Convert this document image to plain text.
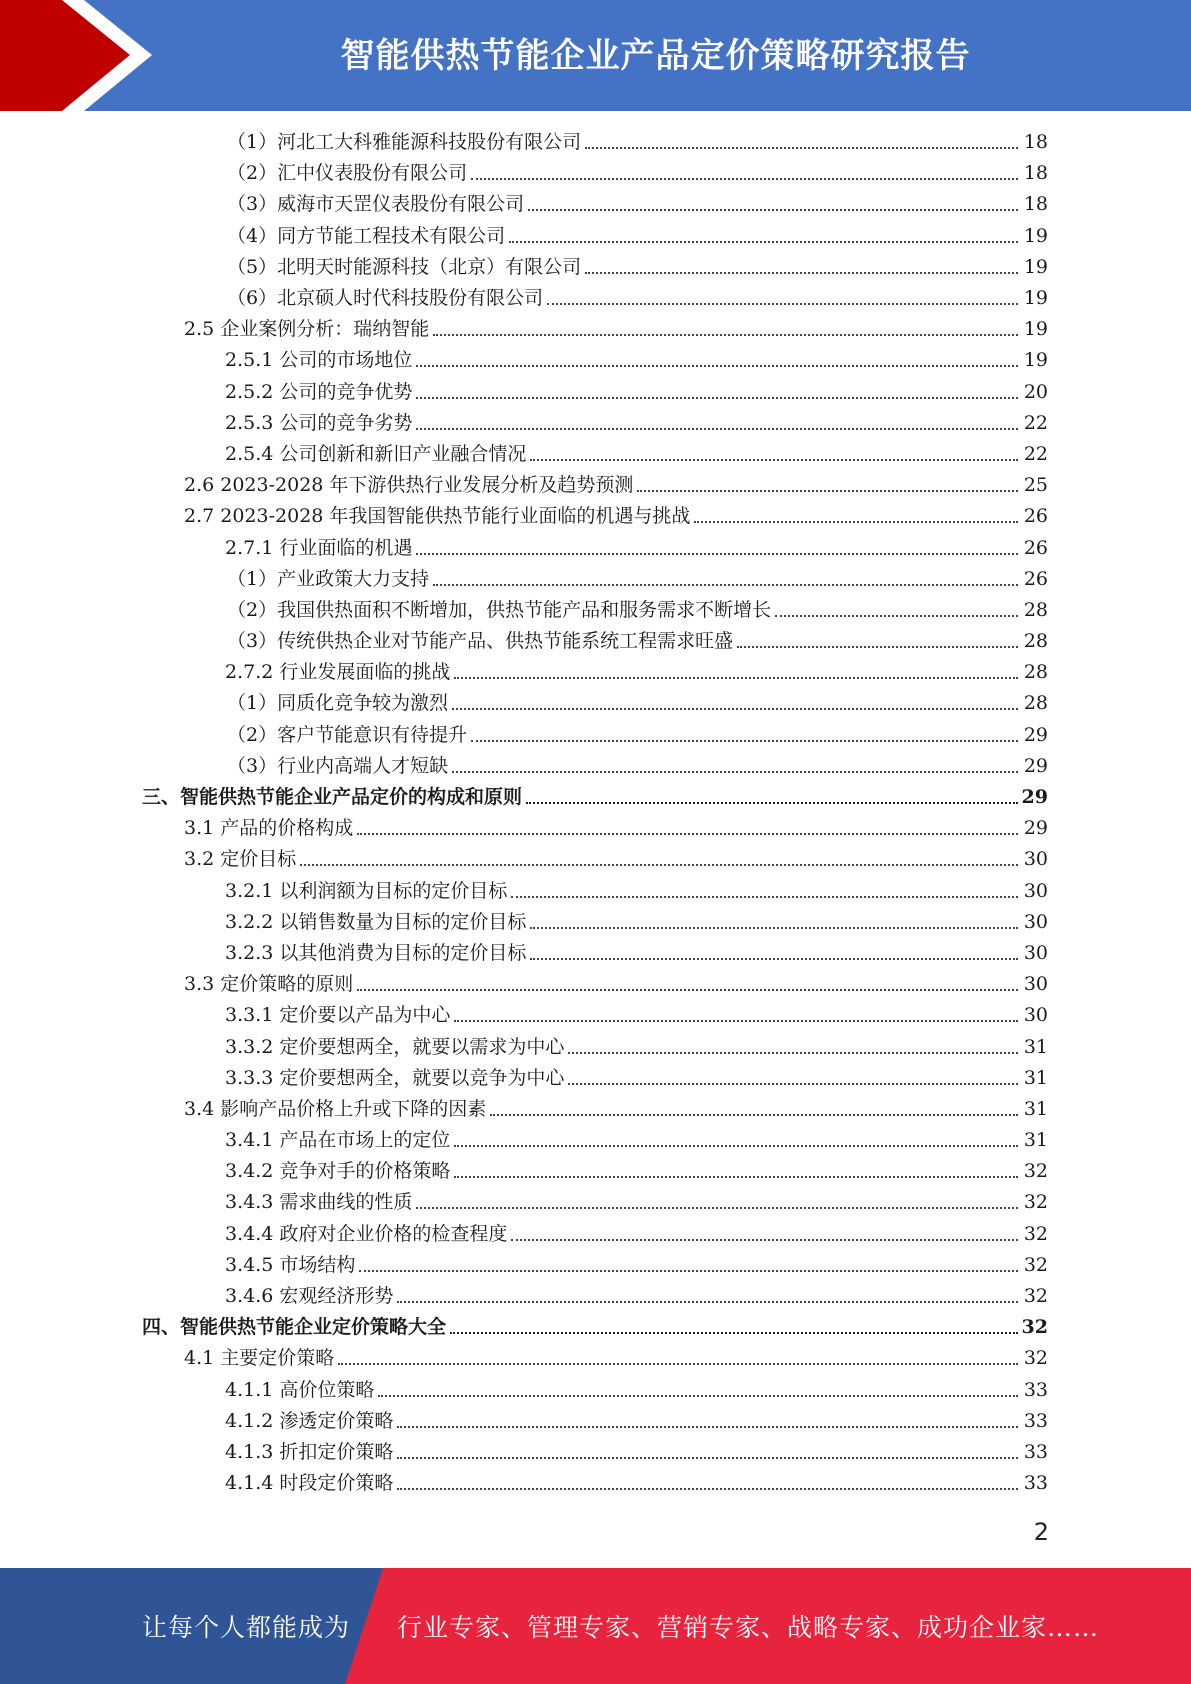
智能供热节能企业产品定价策略研究报告
（1）河北工大科雅能源科技股份有限公司	18
（2）汇中仪表股份有限公司	18
（3）威海市天罡仪表股份有限公司	18
（4）同方节能工程技术有限公司	19
（5）北明天时能源科技（北京）有限公司	19
（6）北京硕人时代科技股份有限公司	19
2.5 企业案例分析：瑞纳智能	19
2.5.1 公司的市场地位	19
2.5.2 公司的竞争优势	20
2.5.3 公司的竞争劣势	22
2.5.4 公司创新和新旧产业融合情况	22
2.6 2023-2028 年下游供热行业发展分析及趋势预测	25
2.7 2023-2028 年我国智能供热节能行业面临的机遇与挑战	26
2.7.1 行业面临的机遇	26
（1）产业政策大力支持	26
（2）我国供热面积不断增加，供热节能产品和服务需求不断增长	28
（3）传统供热企业对节能产品、供热节能系统工程需求旺盛	28
2.7.2 行业发展面临的挑战	28
（1）同质化竞争较为激烈	28
（2）客户节能意识有待提升	29
（3）行业内高端人才短缺	29
三、智能供热节能企业产品定价的构成和原则	29
3.1 产品的价格构成	29
3.2 定价目标	30
3.2.1 以利润额为目标的定价目标	30
3.2.2 以销售数量为目标的定价目标	30
3.2.3 以其他消费为目标的定价目标	30
3.3 定价策略的原则	30
3.3.1 定价要以产品为中心	30
3.3.2 定价要想两全，就要以需求为中心	31
3.3.3 定价要想两全，就要以竞争为中心	31
3.4 影响产品价格上升或下降的因素	31
3.4.1 产品在市场上的定位	31
3.4.2 竞争对手的价格策略	32
3.4.3 需求曲线的性质	32
3.4.4 政府对企业价格的检查程度	32
3.4.5 市场结构	32
3.4.6 宏观经济形势	32
四、智能供热节能企业定价策略大全	32
4.1 主要定价策略	32
4.1.1 高价位策略	33
4.1.2 渗透定价策略	33
4.1.3 折扣定价策略	33
4.1.4 时段定价策略	33
2
让每个人都能成为 行业专家、管理专家、营销专家、战略专家、成功企业家……
